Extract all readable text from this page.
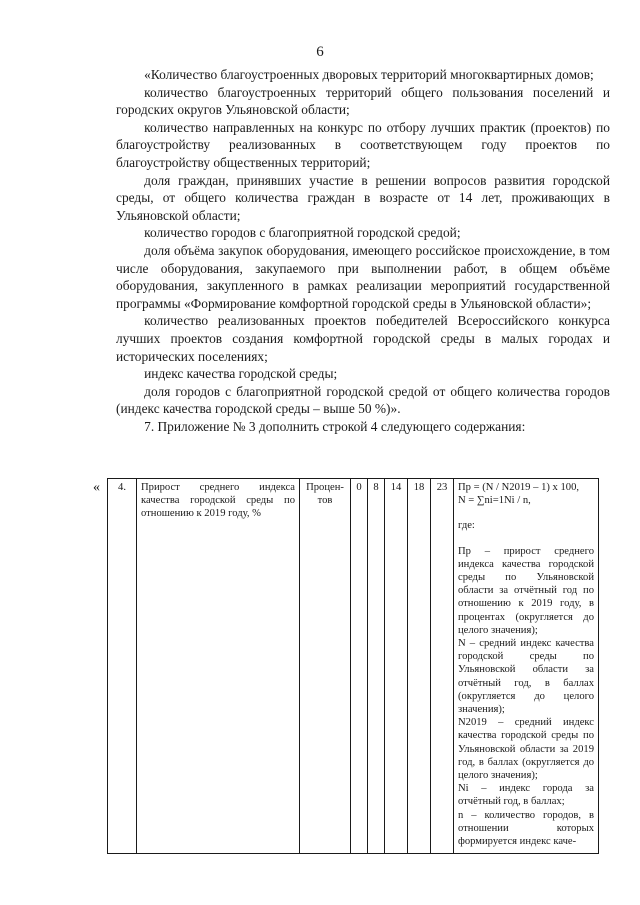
6

«Количество благоустроенных дворовых территорий многоквартирных домов;

количество благоустроенных территорий общего пользования поселений и городских округов Ульяновской области;

количество направленных на конкурс по отбору лучших практик (проектов) по благоустройству реализованных в соответствующем году проектов по благоустройству общественных территорий;

доля граждан, принявших участие в решении вопросов развития городской среды, от общего количества граждан в возрасте от 14 лет, проживающих в Ульяновской области;

количество городов с благоприятной городской средой;

доля объёма закупок оборудования, имеющего российское происхождение, в том числе оборудования, закупаемого при выполнении работ, в общем объёме оборудования, закупленного в рамках реализации мероприятий государственной программы «Формирование комфортной городской среды в Ульяновской области»;

количество реализованных проектов победителей Всероссийского конкурса лучших проектов создания комфортной городской среды в малых городах и исторических поселениях;

индекс качества городской среды;

доля городов с благоприятной городской средой от общего количества городов (индекс качества городской среды – выше 50 %)».

7. Приложение № 3 дополнить строкой 4 следующего содержания:

« 4.	Прирост среднего индекса качества городской среды по отношению к 2019 году, %	Процен-тов	0	8	14	18	23	Пр = (N / N2019 – 1) х 100,
N = ∑ni=1Ni / n,
где:
Пр – прирост среднего индекса качества городской среды по Ульяновской области за отчётный год по отношению к 2019 году, в процентах (округляется до целого значения);
N – средний индекс качества городской среды по Ульяновской области за отчётный год, в баллах (округляется до целого значения);
N2019 – средний индекс качества городской среды по Ульяновской области за 2019 год, в баллах (округляется до целого значения);
Ni – индекс города за отчётный год, в баллах;
n – количество городов, в отношении которых формируется индекс каче-
